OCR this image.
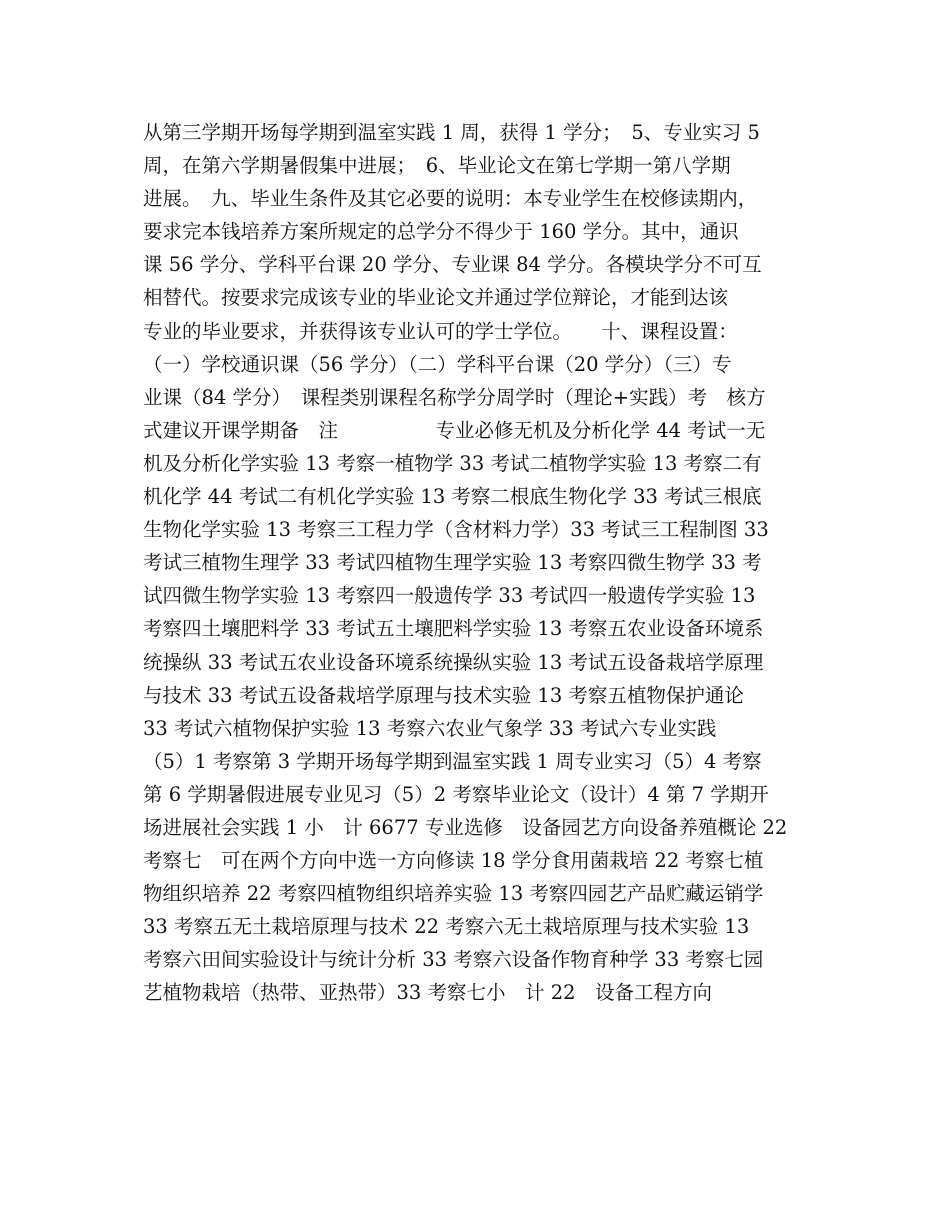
从第三学期开场每学期到温室实践 1 周，获得 1 学分；　5、专业实习 5
周，在第六学期暑假集中进展；　6、毕业论文在第七学期一第八学期
进展。　九、毕业生条件及其它必要的说明：本专业学生在校修读期内，
要求完本钱培养方案所规定的总学分不得少于 160 学分。其中，通识
课 56 学分、学科平台课 20 学分、专业课 84 学分。各模块学分不可互
相替代。按要求完成该专业的毕业论文并通过学位辩论，才能到达该
专业的毕业要求，并获得该专业认可的学士学位。　　十、课程设置：
（一）学校通识课（56 学分）（二）学科平台课（20 学分）（三）专
业课（84 学分）　课程类别课程名称学分周学时（理论+实践）考　核方
式建议开课学期备　注　　　　　专业必修无机及分析化学 44 考试一无
机及分析化学实验 13 考察一植物学 33 考试二植物学实验 13 考察二有
机化学 44 考试二有机化学实验 13 考察二根底生物化学 33 考试三根底
生物化学实验 13 考察三工程力学（含材料力学）33 考试三工程制图 33
考试三植物生理学 33 考试四植物生理学实验 13 考察四微生物学 33 考
试四微生物学实验 13 考察四一般遗传学 33 考试四一般遗传学实验 13
考察四土壤肥料学 33 考试五土壤肥料学实验 13 考察五农业设备环境系
统操纵 33 考试五农业设备环境系统操纵实验 13 考试五设备栽培学原理
与技术 33 考试五设备栽培学原理与技术实验 13 考察五植物保护通论
33 考试六植物保护实验 13 考察六农业气象学 33 考试六专业实践
（5）1 考察第 3 学期开场每学期到温室实践 1 周专业实习（5）4 考察
第 6 学期暑假进展专业见习（5）2 考察毕业论文（设计）4 第 7 学期开
场进展社会实践 1 小　计 6677 专业选修　设备园艺方向设备养殖概论 22
考察七　可在两个方向中选一方向修读 18 学分食用菌栽培 22 考察七植
物组织培养 22 考察四植物组织培养实验 13 考察四园艺产品贮藏运销学
33 考察五无土栽培原理与技术 22 考察六无土栽培原理与技术实验 13
考察六田间实验设计与统计分析 33 考察六设备作物育种学 33 考察七园
艺植物栽培（热带、亚热带）33 考察七小　计 22　设备工程方向
